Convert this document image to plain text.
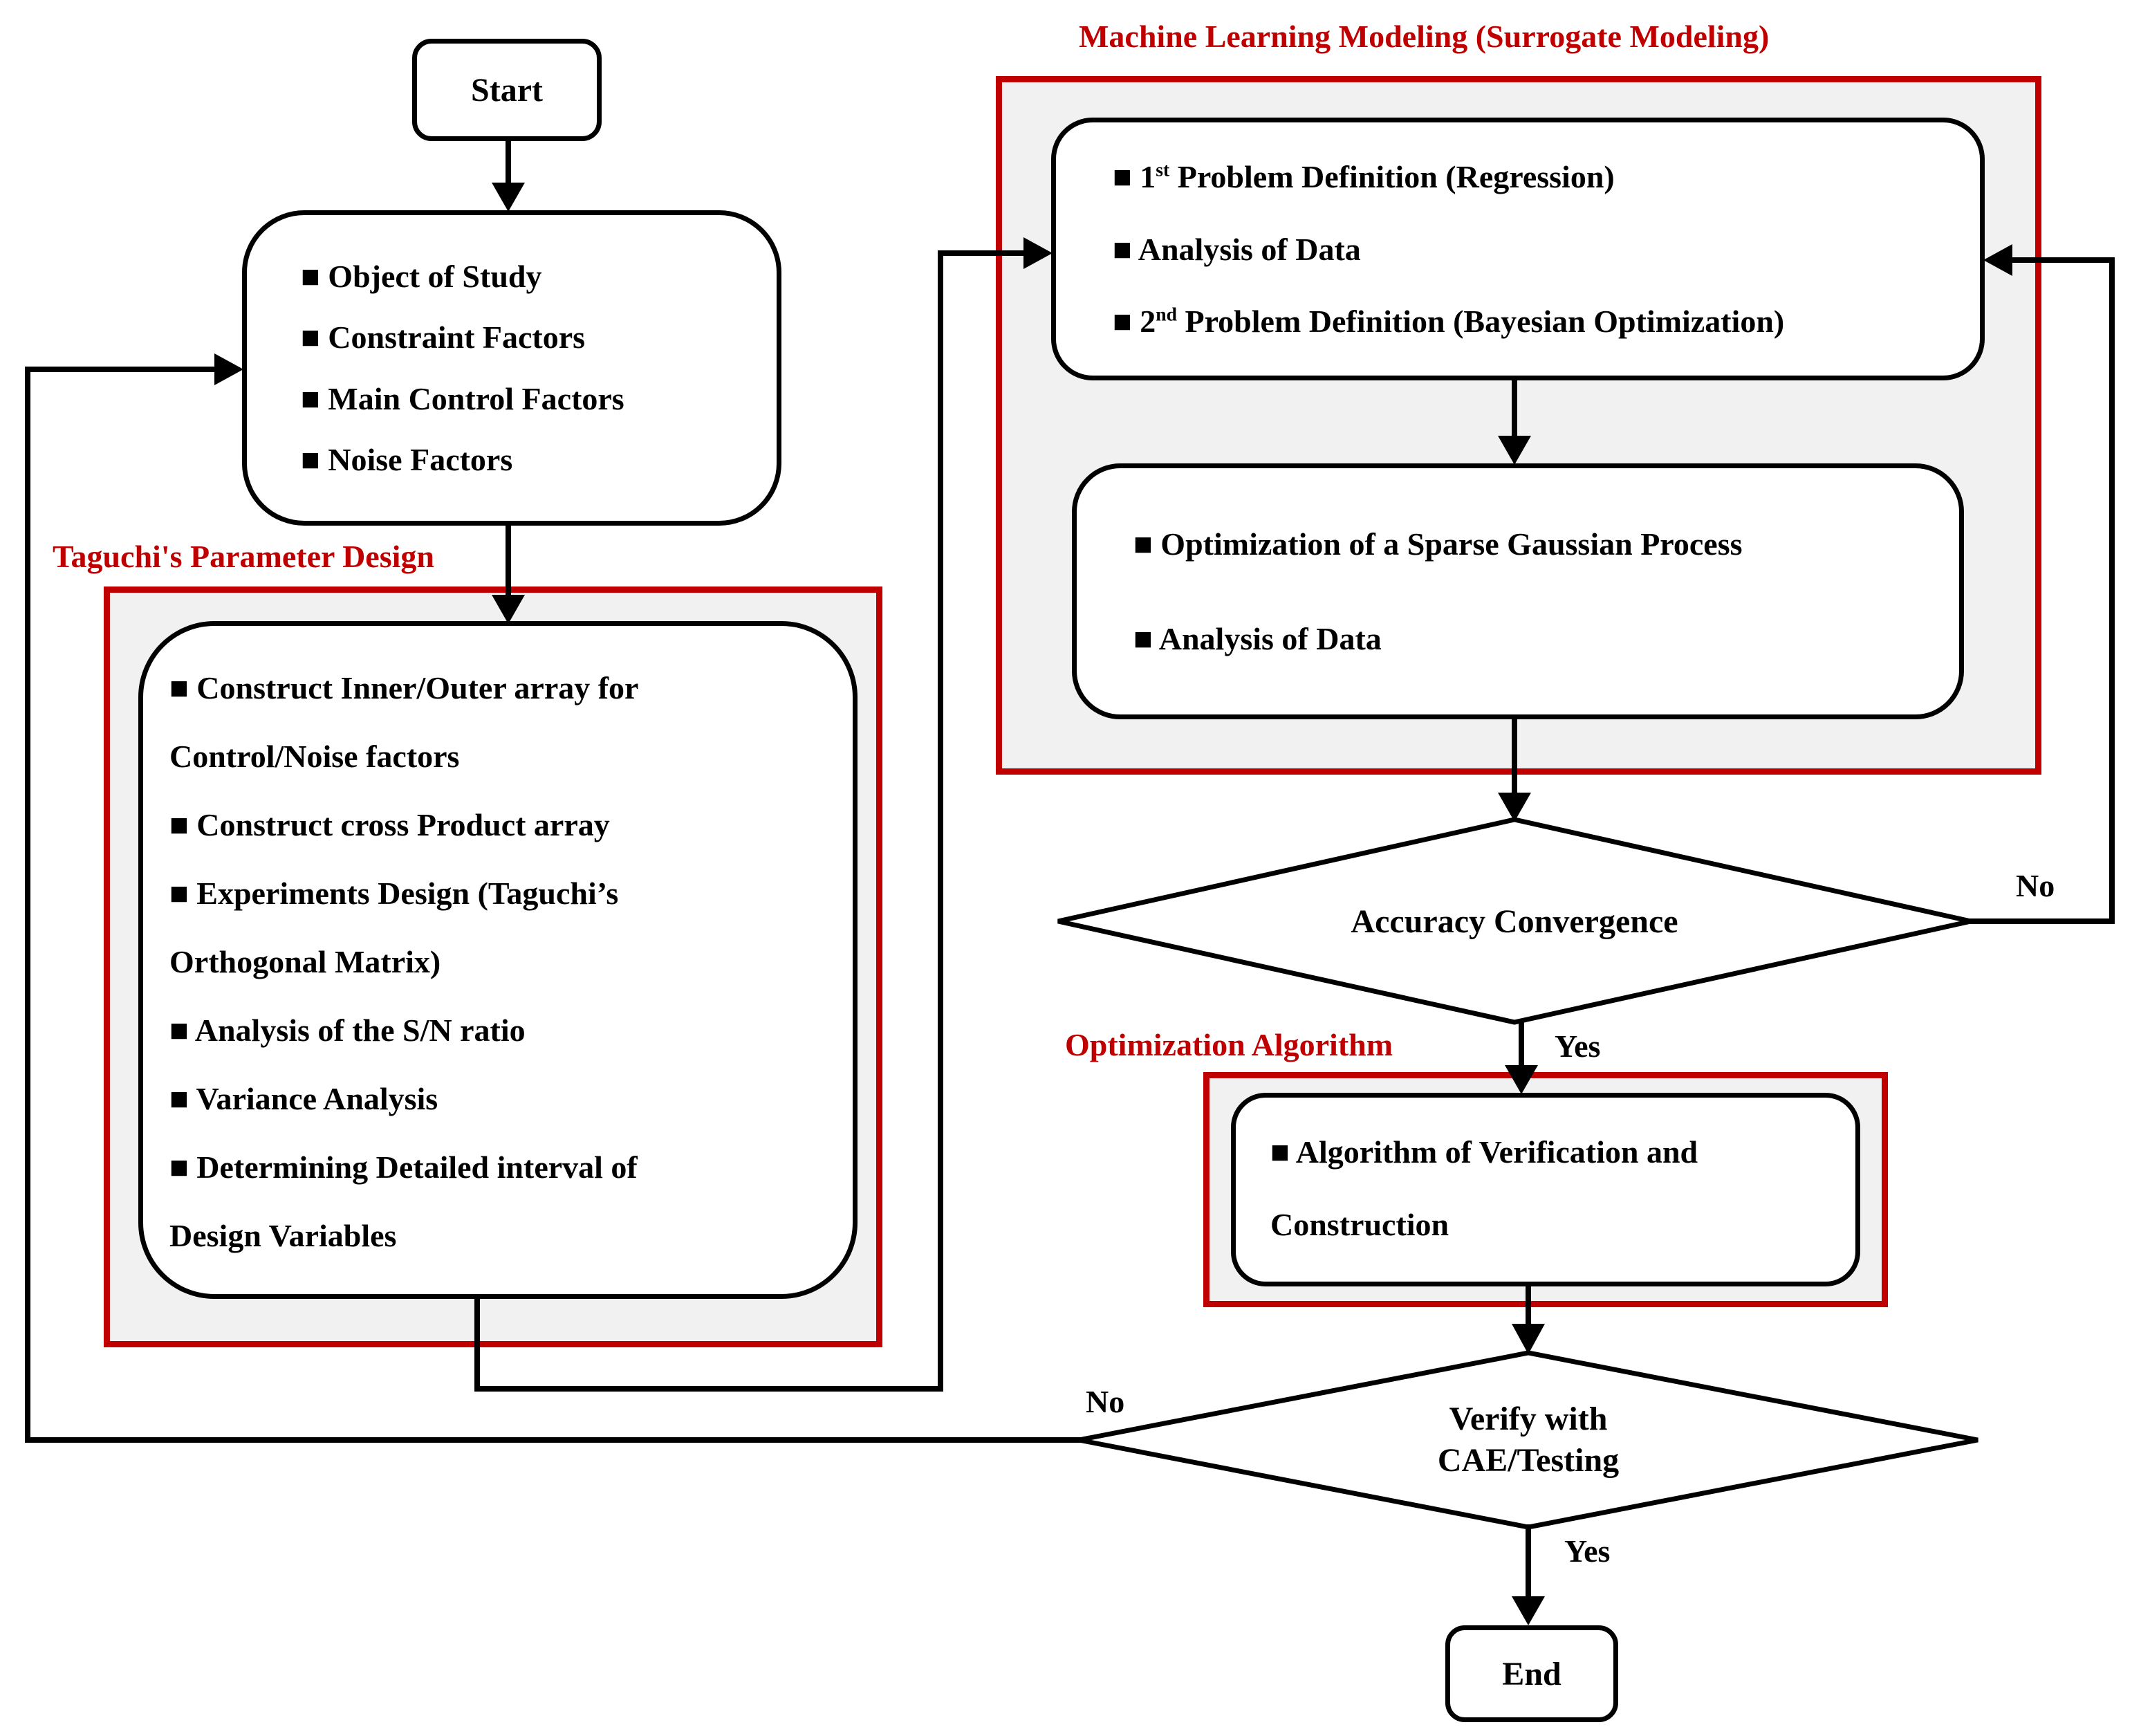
Start
■ Object of Study
■ Constraint Factors
■ Main Control Factors
■ Noise Factors
Taguchi's Parameter Design
■ Construct Inner/Outer array for Control/Noise factors
■ Construct cross Product array
■ Experiments Design (Taguchi’s Orthogonal Matrix)
■ Analysis of the S/N ratio
■ Variance Analysis
■ Determining Detailed interval of Design Variables
Machine Learning Modeling (Surrogate Modeling)
■ 1st Problem Definition (Regression)
■ Analysis of Data
■ 2nd Problem Definition (Bayesian Optimization)
■ Optimization of a Sparse Gaussian Process
■ Analysis of Data
Accuracy Convergence
No
Yes
Optimization Algorithm
■ Algorithm of Verification and Construction
Verify with
CAE/Testing
No
Yes
End
